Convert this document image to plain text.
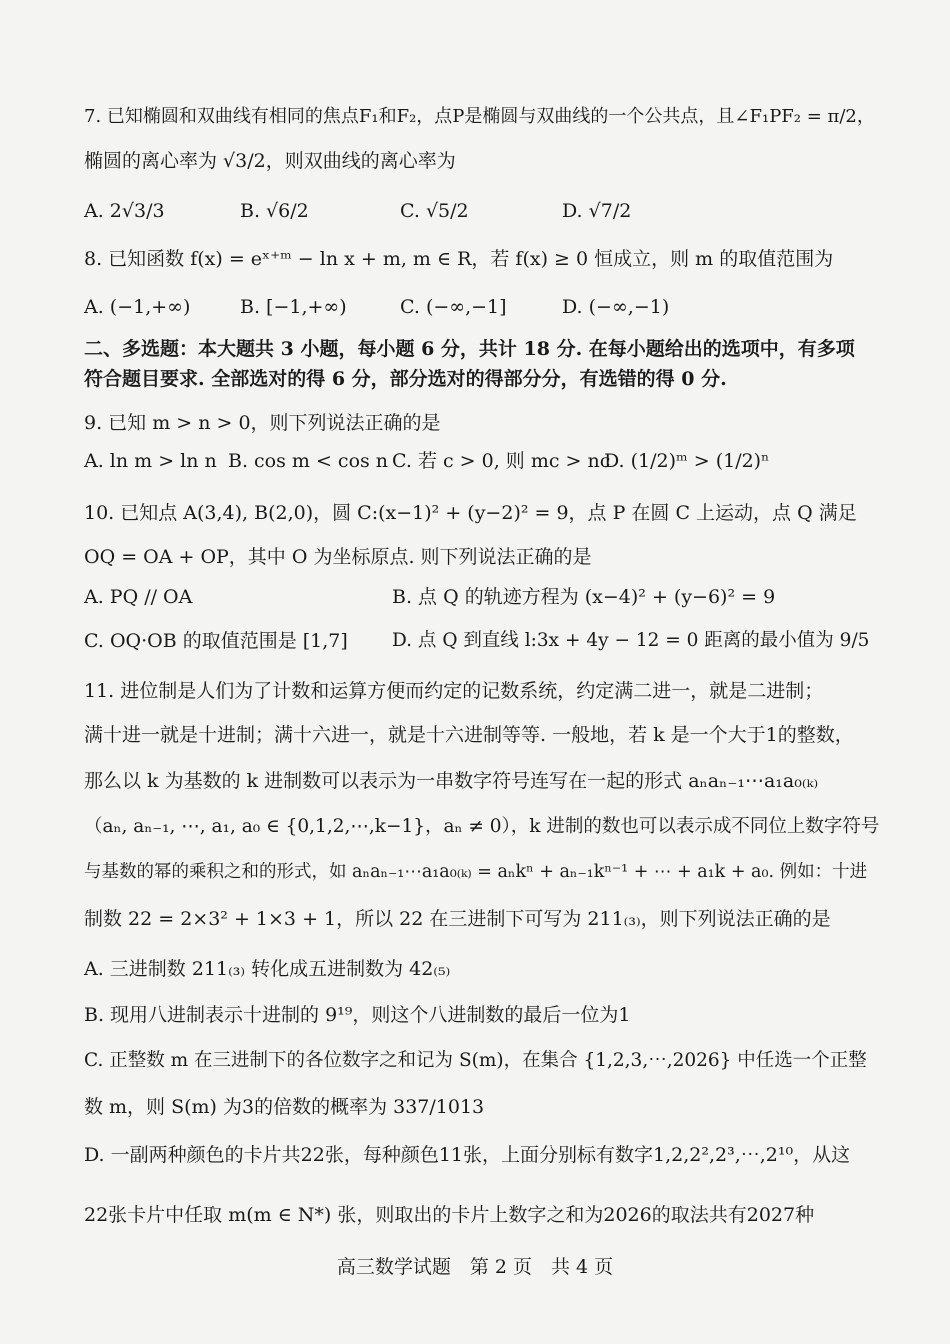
7. 已知椭圆和双曲线有相同的焦点F₁和F₂，点P是椭圆与双曲线的一个公共点，且∠F₁PF₂ = π/2，
椭圆的离心率为 √3/2，则双曲线的离心率为
A. 2√3/3	B. √6/2	C. √5/2	D. √7/2
8. 已知函数 f(x) = eˣ⁺ᵐ − ln x + m, m ∈ R，若 f(x) ≥ 0 恒成立，则 m 的取值范围为
A. (−1,+∞)	B. [−1,+∞)	C. (−∞,−1]	D. (−∞,−1)
二、多选题：本大题共 3 小题，每小题 6 分，共计 18 分. 在每小题给出的选项中，有多项
符合题目要求. 全部选对的得 6 分，部分选对的得部分分，有选错的得 0 分.
9. 已知 m > n > 0，则下列说法正确的是
A. ln m > ln n B. cos m < cos n C. 若 c > 0, 则 mc > nc
D. (1/2)ᵐ > (1/2)ⁿ
10. 已知点 A(3,4), B(2,0)，圆 C:(x−1)² + (y−2)² = 9，点 P 在圆 C 上运动，点 Q 满足
OQ = OA + OP，其中 O 为坐标原点. 则下列说法正确的是
A. PQ // OA	B. 点 Q 的轨迹方程为 (x−4)² + (y−6)² = 9
C. OQ·OB 的取值范围是 [1,7] D. 点 Q 到直线 l:3x + 4y − 12 = 0 距离的最小值为 9/5
11. 进位制是人们为了计数和运算方便而约定的记数系统，约定满二进一，就是二进制；
满十进一就是十进制；满十六进一，就是十六进制等等. 一般地，若 k 是一个大于1的整数，
那么以 k 为基数的 k 进制数可以表示为一串数字符号连写在一起的形式 aₙaₙ₋₁⋯a₁a₀₍ₖ₎
（aₙ, aₙ₋₁, ⋯, a₁, a₀ ∈ {0,1,2,⋯,k−1}，aₙ ≠ 0），k 进制的数也可以表示成不同位上数字符号
与基数的幂的乘积之和的形式，如 aₙaₙ₋₁⋯a₁a₀₍ₖ₎ = aₙkⁿ + aₙ₋₁kⁿ⁻¹ + ⋯ + a₁k + a₀. 例如：十进
制数 22 = 2×3² + 1×3 + 1，所以 22 在三进制下可写为 211₍₃₎，则下列说法正确的是
A. 三进制数 211₍₃₎ 转化成五进制数为 42₍₅₎
B. 现用八进制表示十进制的 9¹⁹，则这个八进制数的最后一位为1
C. 正整数 m 在三进制下的各位数字之和记为 S(m)，在集合 {1,2,3,⋯,2026} 中任选一个正整
数 m，则 S(m) 为3的倍数的概率为 337/1013
D. 一副两种颜色的卡片共22张，每种颜色11张，上面分别标有数字1,2,2²,2³,⋯,2¹⁰，从这
22张卡片中任取 m(m ∈ N*) 张，则取出的卡片上数字之和为2026的取法共有2027种
高三数学试题　第 2 页　共 4 页
